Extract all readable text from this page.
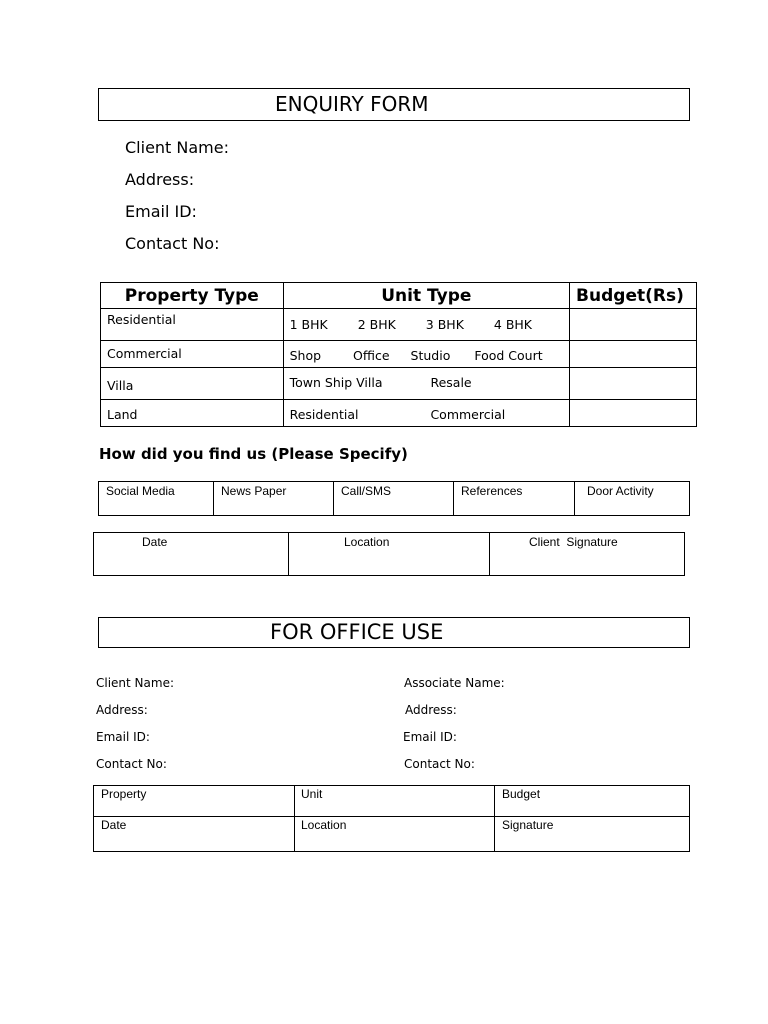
ENQUIRY FORM
Client Name:
Address:
Email ID:
Contact No:
Property Type	Unit Type	Budget(Rs)
Residential	1 BHK 2 BHK 3 BHK 4 BHK	
Commercial	Shop Office Studio Food Court	
Villa	Town Ship Villa Resale	
Land	Residential Commercial	
How did you find us (Please Specify)
Social Media	News Paper	Call/SMS	References	Door Activity
Date	Location	Client  Signature
FOR OFFICE USE
Client Name:
Address:
Email ID:
Contact No:
Associate Name:
Address:
Email ID:
Contact No:
Property	Unit	Budget
Date	Location	Signature
